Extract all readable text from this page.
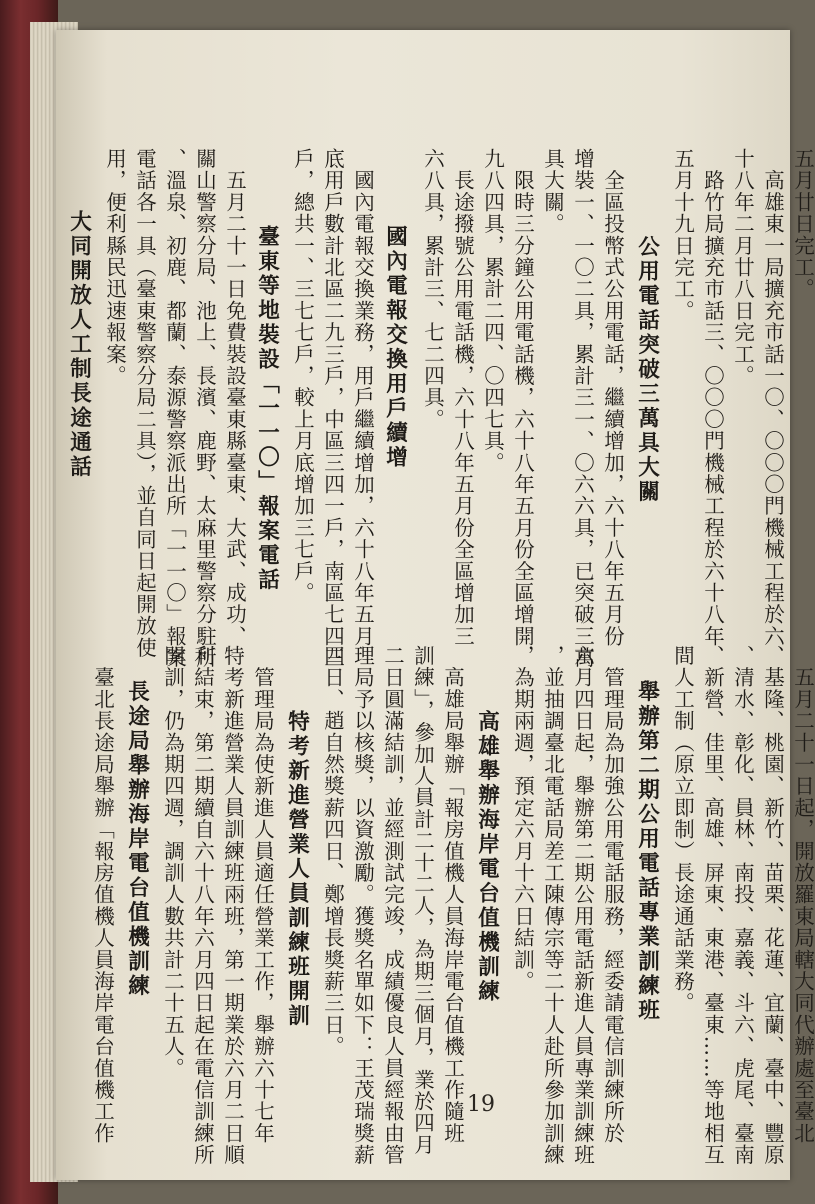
五月廿日完工。
　高雄東一局擴充市話一〇、〇〇〇門機械工程於六
十八年二月廿八日完工。
　路竹局擴充市話三、〇〇〇門機械工程於六十八年
五月十九日完工。
公用電話突破三萬具大關
　全區投幣式公用電話，繼續增加，六十八年五月份
增裝一、一〇二具，累計三一、〇六六具，已突破三萬
具大關。
　限時三分鐘公用電話機，六十八年五月份全區增開
九八四具，累計二四、〇四七具。
　長途撥號公用電話機，六十八年五月份全區增加三
六八具，累計三、七二四具。
國內電報交換用戶續增
　國內電報交換業務，用戶繼續增加，六十八年五月
底用戶數計北區二九三戶，中區三四一戶，南區七四三
戶，總共一、三七七戶，較上月底增加三七戶。
臺東等地裝設「一一〇」報案電話
　五月二十一日免費裝設臺東縣臺東、大武、成功、
關山警察分局、池上、長濱、鹿野、太麻里警察分駐所
、溫泉、初鹿、都蘭、泰源警察派出所「一一〇」報案
電話各一具（臺東警察分局二具），並自同日起開放使
用，便利縣民迅速報案。
大同開放人工制長途通話
　五月二十一日起，開放羅東局轄大同代辦處至臺北
、基隆、桃園、新竹、苗栗、花蓮、宜蘭、臺中、豐原
、清水、彰化、員林、南投、嘉義、斗六、虎尾、臺南
、新營、佳里、高雄、屏東、東港、臺東……等地相互
間人工制（原立即制）長途通話業務。
舉辦第二期公用電話專業訓練班
　管理局為加強公用電話服務，經委請電信訓練所於
六月四日起，舉辦第二期公用電話新進人員專業訓練班
，並抽調臺北電話局差工陳傳宗等二十人赴所參加訓練
，為期兩週，預定六月十六日結訓。
高雄舉辦海岸電台值機訓練
　高雄局舉辦「報房值機人員海岸電台值機工作隨班
訓練」，參加人員計二十二人，為期三個月，業於四月
二日圓滿結訓，並經測試完竣，成績優良人員經報由管
理局予以核獎，以資激勵。獲獎名單如下：王茂瑞獎薪
四日、趙自然獎薪四日、鄭增長獎薪三日。
特考新進營業人員訓練班開訓
　管理局為使新進人員適任營業工作，舉辦六十七年
特考新進營業人員訓練班兩班，第一期業於六月二日順
利結束，第二期續自六十八年六月四日起在電信訓練所
開訓，仍為期四週，調訓人數共計二十五人。
長途局舉辦海岸電台值機訓練
　臺北長途局舉辦「報房值機人員海岸電台值機工作	19
